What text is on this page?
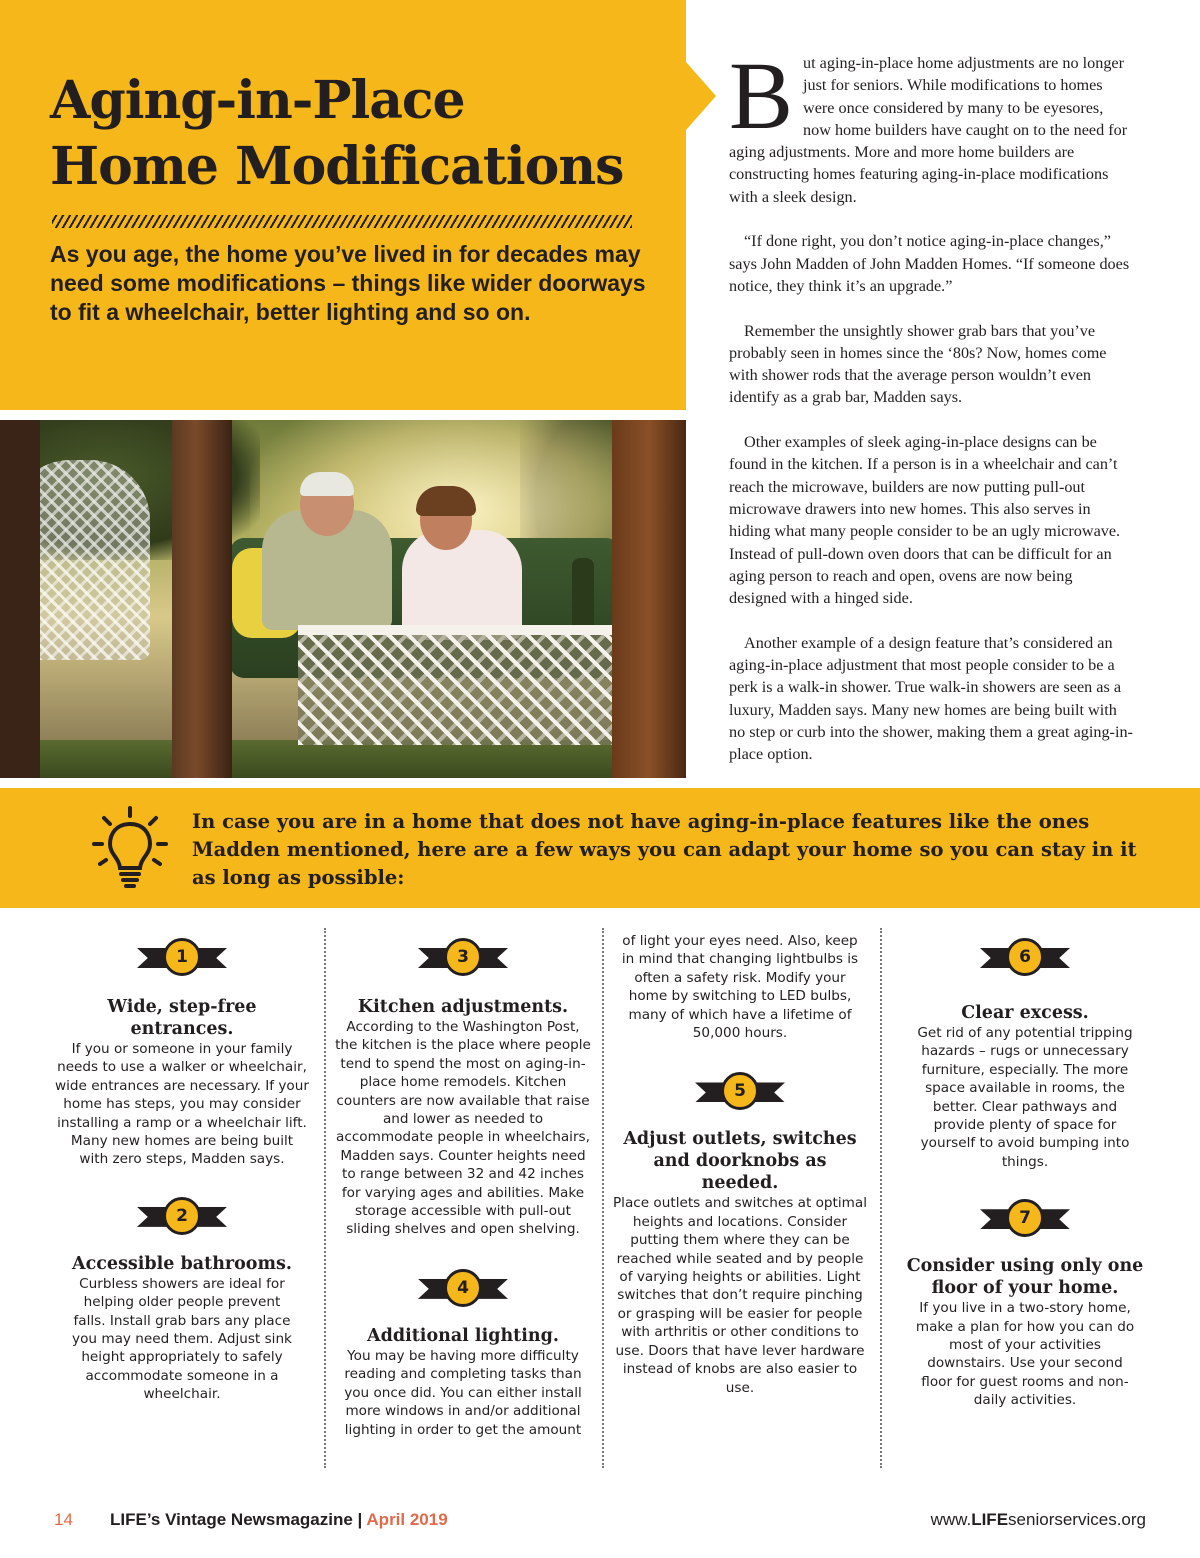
Aging-in-Place
Home Modifications

As you age, the home you’ve lived in for decades may need some modifications – things like wider doorways to fit a wheelchair, better lighting and so on.

But aging-in-place home adjustments are no longer just for seniors. While modifications to homes were once considered by many to be eyesores, now home builders have caught on to the need for aging adjustments. More and more home builders are constructing homes featuring aging-in-place modifications with a sleek design.

“If done right, you don’t notice aging-in-place changes,” says John Madden of John Madden Homes. “If someone does notice, they think it’s an upgrade.”

Remember the unsightly shower grab bars that you’ve probably seen in homes since the ‘80s? Now, homes come with shower rods that the average person wouldn’t even identify as a grab bar, Madden says.

Other examples of sleek aging-in-place designs can be found in the kitchen. If a person is in a wheelchair and can’t reach the microwave, builders are now putting pull-out microwave drawers into new homes. This also serves in hiding what many people consider to be an ugly microwave. Instead of pull-down oven doors that can be difficult for an aging person to reach and open, ovens are now being designed with a hinged side.

Another example of a design feature that’s considered an aging-in-place adjustment that most people consider to be a perk is a walk-in shower. True walk-in showers are seen as a luxury, Madden says. Many new homes are being built with no step or curb into the shower, making them a great aging-in-place option.

In case you are in a home that does not have aging-in-place features like the ones Madden mentioned, here are a few ways you can adapt your home so you can stay in it as long as possible:

1
Wide, step-free entrances.
If you or someone in your family needs to use a walker or wheelchair, wide entrances are necessary. If your home has steps, you may consider installing a ramp or a wheelchair lift. Many new homes are being built with zero steps, Madden says.
2
Accessible bathrooms.
Curbless showers are ideal for helping older people prevent falls. Install grab bars any place you may need them. Adjust sink height appropriately to safely accommodate someone in a wheelchair.
3
Kitchen adjustments.
According to the Washington Post, the kitchen is the place where people tend to spend the most on aging-in-place home remodels. Kitchen counters are now available that raise and lower as needed to accommodate people in wheelchairs, Madden says. Counter heights need to range between 32 and 42 inches for varying ages and abilities. Make storage accessible with pull-out sliding shelves and open shelving.
4
Additional lighting.
You may be having more difficulty reading and completing tasks than you once did. You can either install more windows in and/or additional lighting in order to get the amount
of light your eyes need. Also, keep in mind that changing lightbulbs is often a safety risk. Modify your home by switching to LED bulbs, many of which have a lifetime of 50,000 hours.
5
Adjust outlets, switches and doorknobs as needed.
Place outlets and switches at optimal heights and locations. Consider putting them where they can be reached while seated and by people of varying heights or abilities. Light switches that don’t require pinching or grasping will be easier for people with arthritis or other conditions to use. Doors that have lever hardware instead of knobs are also easier to use.
6
Clear excess.
Get rid of any potential tripping hazards – rugs or unnecessary furniture, especially. The more space available in rooms, the better. Clear pathways and provide plenty of space for yourself to avoid bumping into things.
7
Consider using only one floor of your home.
If you live in a two-story home, make a plan for how you can do most of your activities downstairs. Use your second floor for guest rooms and non-daily activities.
14 LIFE’s Vintage Newsmagazine | April 2019	www.LIFEseniorservices.org
